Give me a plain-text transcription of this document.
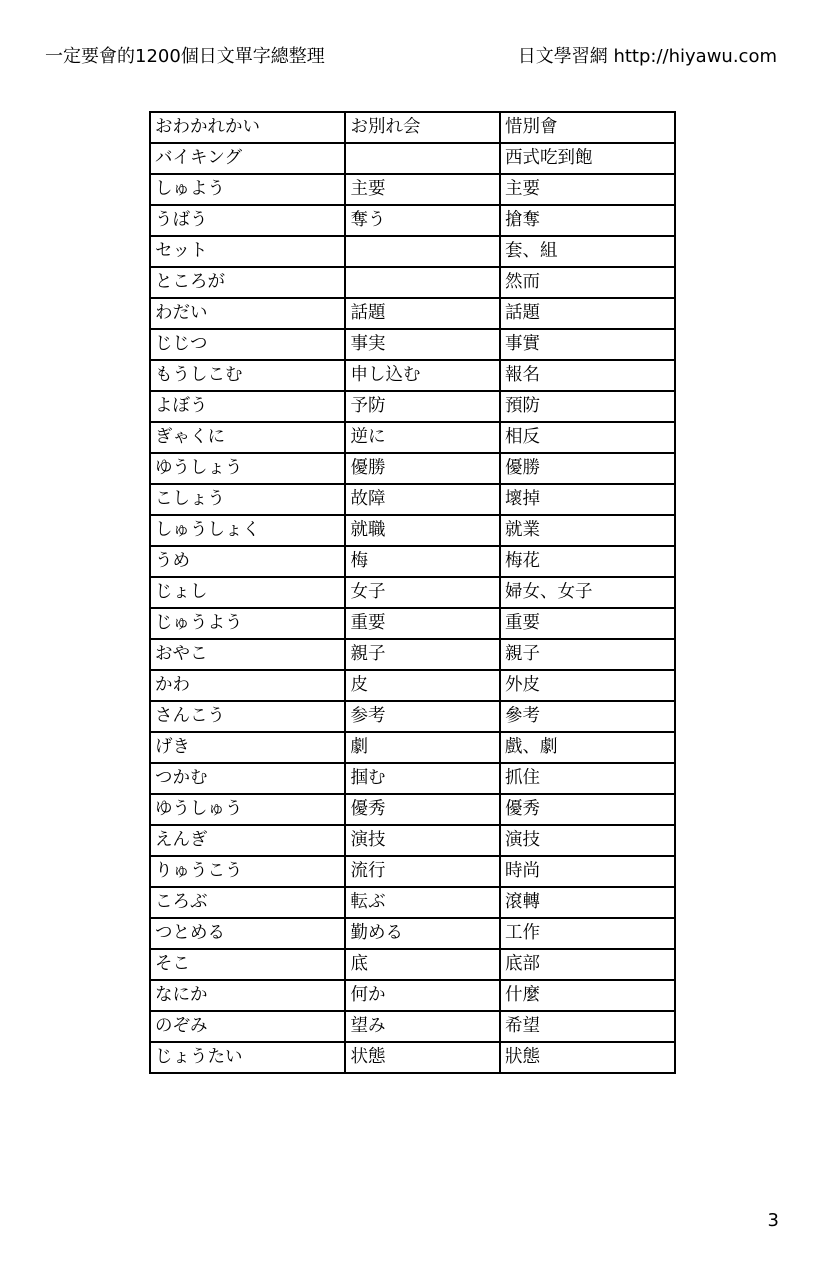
一定要會的1200個日文單字總整理	日文學習網 http://hiyawu.com
おわかれかい	お別れ会	惜別會
バイキング		西式吃到飽
しゅよう	主要	主要
うばう	奪う	搶奪
セット		套、組
ところが		然而
わだい	話題	話題
じじつ	事実	事實
もうしこむ	申し込む	報名
よぼう	予防	預防
ぎゃくに	逆に	相反
ゆうしょう	優勝	優勝
こしょう	故障	壞掉
しゅうしょく	就職	就業
うめ	梅	梅花
じょし	女子	婦女、女子
じゅうよう	重要	重要
おやこ	親子	親子
かわ	皮	外皮
さんこう	参考	參考
げき	劇	戲、劇
つかむ	掴む	抓住
ゆうしゅう	優秀	優秀
えんぎ	演技	演技
りゅうこう	流行	時尚
ころぶ	転ぶ	滾轉
つとめる	勤める	工作
そこ	底	底部
なにか	何か	什麼
のぞみ	望み	希望
じょうたい	状態	狀態
3
